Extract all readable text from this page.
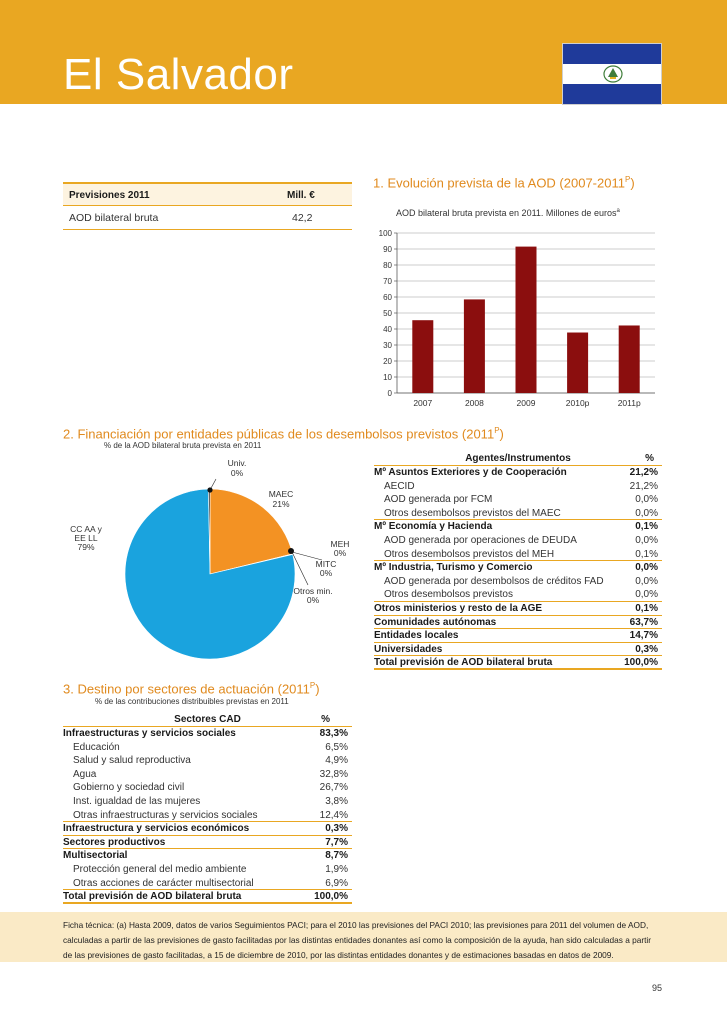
El Salvador
Previsiones 2011	Mill. €
AOD bilateral bruta	42,2
1. Evolución prevista de la AOD $(2007-2011^P)$
AOD bilateral bruta prevista en 2011. Millones de euros$^a$
0
10
20
30
40
50
60
70
80
90
100
2007	2008	2009	2010p	2011p
2. Financiación por entidades públicas de los desembolsos previstos $(2011^P)$
% de la AOD bilateral bruta prevista en 2011
Univ.
0%
MAEC
21%
MEH
0%
MITC
0%
Otros min.
0%
CC AA y
EE LL
79%
Agentes/Instrumentos	%
Mº Asuntos Exteriores y de Cooperación	21,2%
AECID	21,2%
AOD generada por FCM	0,0%
Otros desembolsos previstos del MAEC	0,0%
Mº Economía y Hacienda	0,1%
AOD generada por operaciones de DEUDA	0,0%
Otros desembolsos previstos del MEH	0,1%
Mº Industria, Turismo y Comercio	0,0%
AOD generada por desembolsos de créditos FAD	0,0%
Otros desembolsos previstos	0,0%
Otros ministerios y resto de la AGE	0,1%
Comunidades autónomas	63,7%
Entidades locales	14,7%
Universidades	0,3%
Total previsión de AOD bilateral bruta	100,0%
3. Destino por sectores de actuación $(2011^P)$
% de las contribuciones distribuibles previstas en 2011
Sectores CAD	%
Infraestructuras y servicios sociales	83,3%
Educación	6,5%
Salud y salud reproductiva	4,9%
Agua	32,8%
Gobierno y sociedad civil	26,7%
Inst. igualdad de las mujeres	3,8%
Otras infraestructuras y servicios sociales	12,4%
Infraestructura y servicios económicos	0,3%
Sectores productivos	7,7%
Multisectorial	8,7%
Protección general del medio ambiente	1,9%
Otras acciones de carácter multisectorial	6,9%
Total previsión de AOD bilateral bruta	100,0%
Ficha técnica: (a) Hasta 2009, datos de varios Seguimientos PACI; para el 2010 las previsiones del PACI 2010; las previsiones para 2011 del volumen de AOD,
calculadas a partir de las previsiones de gasto facilitadas por las distintas entidades donantes así como la composición de la ayuda, han sido calculadas a partir
de las previsiones de gasto facilitadas, a 15 de diciembre de 2010, por las distintas entidades donantes y de estimaciones basadas en datos de 2009.
95
